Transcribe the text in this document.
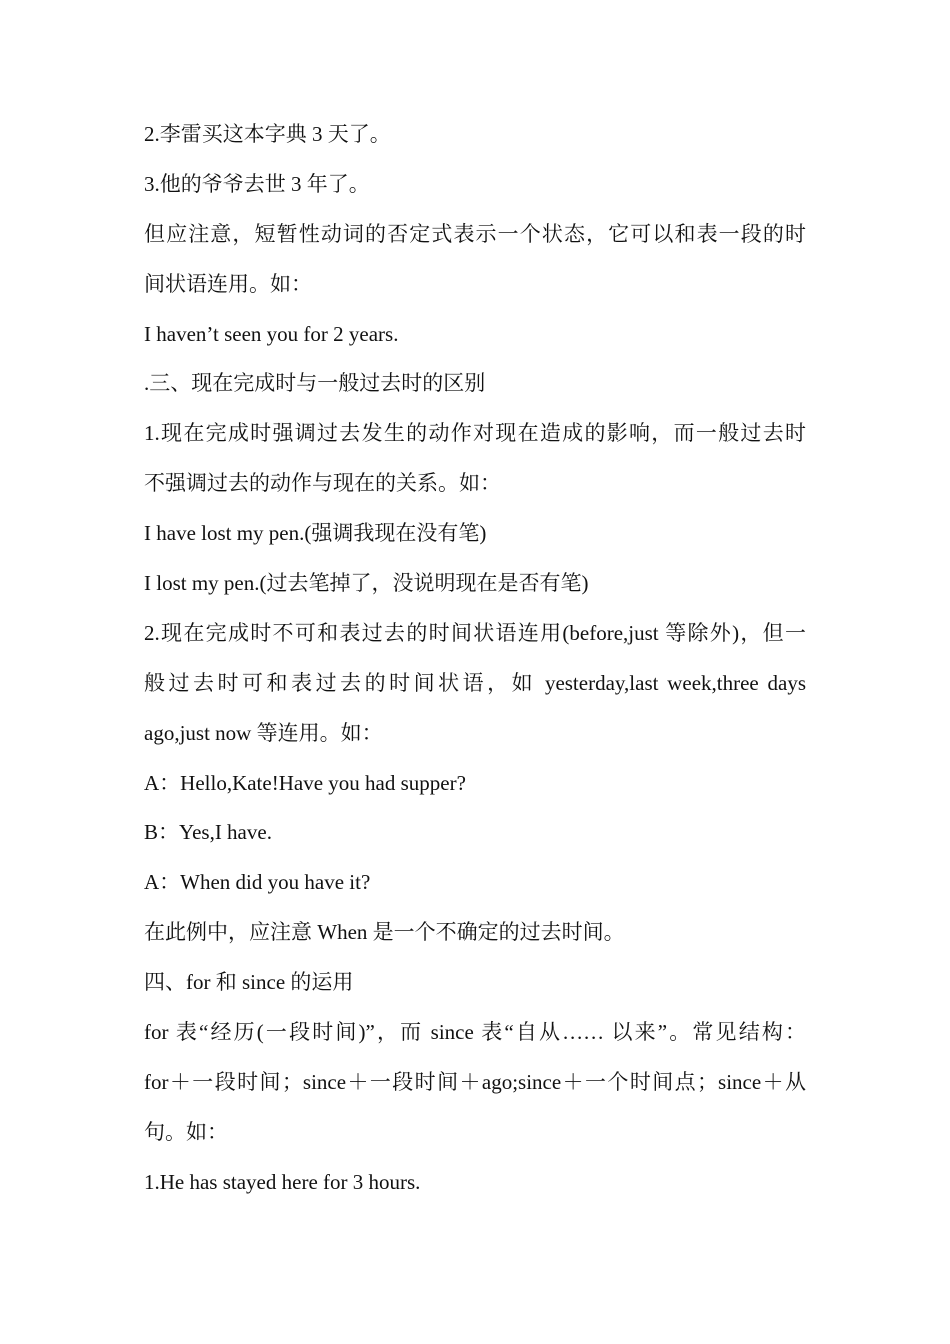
2.李雷买这本字典 3 天了。
3.他的爷爷去世 3 年了。
但应注意，短暂性动词的否定式表示一个状态，它可以和表一段的时
间状语连用。如：
I haven’t seen you for 2 years.
.三、现在完成时与一般过去时的区别
1.现在完成时强调过去发生的动作对现在造成的影响，而一般过去时
不强调过去的动作与现在的关系。如：
I have lost my pen.(强调我现在没有笔)
I lost my pen.(过去笔掉了，没说明现在是否有笔)
2.现在完成时不可和表过去的时间状语连用(before,just 等除外)，但一
般过去时可和表过去的时间状语，如 yesterday,last week,three days
ago,just now 等连用。如：
A：Hello,Kate!Have you had supper?
B：Yes,I have.
A：When did you have it?
在此例中，应注意 When 是一个不确定的过去时间。
四、for 和 since 的运用
for 表“经历(一段时间)”，而 since 表“自从…… 以来”。常见结构：
for＋一段时间；since＋一段时间＋ago;since＋一个时间点；since＋从
句。如：
1.He has stayed here for 3 hours.
